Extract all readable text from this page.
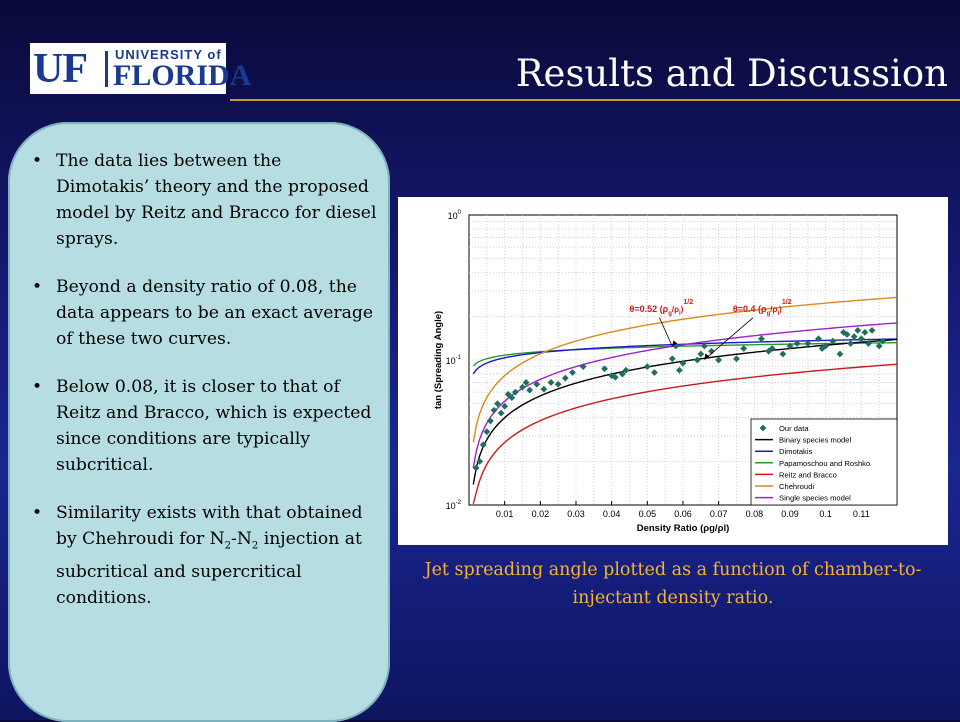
UF UNIVERSITY of
FLORIDA	Results and Discussion
• The data lies between the Dimotakis’ theory and the proposed model by Reitz and Bracco for diesel sprays.
• Beyond a density ratio of 0.08, the data appears to be an exact average of these two curves.
• Below 0.08, it is closer to that of Reitz and Bracco, which is expected since conditions are typically subcritical.
• Similarity exists with that obtained by Chehroudi for $N_2-N_2$ injection at subcritical and supercritical conditions.
0.01 0.02 0.03 0.04 0.05 0.06 0.07 0.08 0.09 0.1 0.11
$10^{-2}$
$10^{-1}$
$10^0$
Density Ratio (ρg/ρl)
tan (Spreading Angle)
θ=0.52 $(\rho_g/\rho_l)1/2$
θ=0.4 $(\rho_g/\rho_l)1/2$
Our data
Binary species model
Dimotakis
Papamoschou and Roshko
Reitz and Bracco
Chehroudi
Single species model
Jet spreading angle plotted as a function of chamber-to-injectant density ratio.
